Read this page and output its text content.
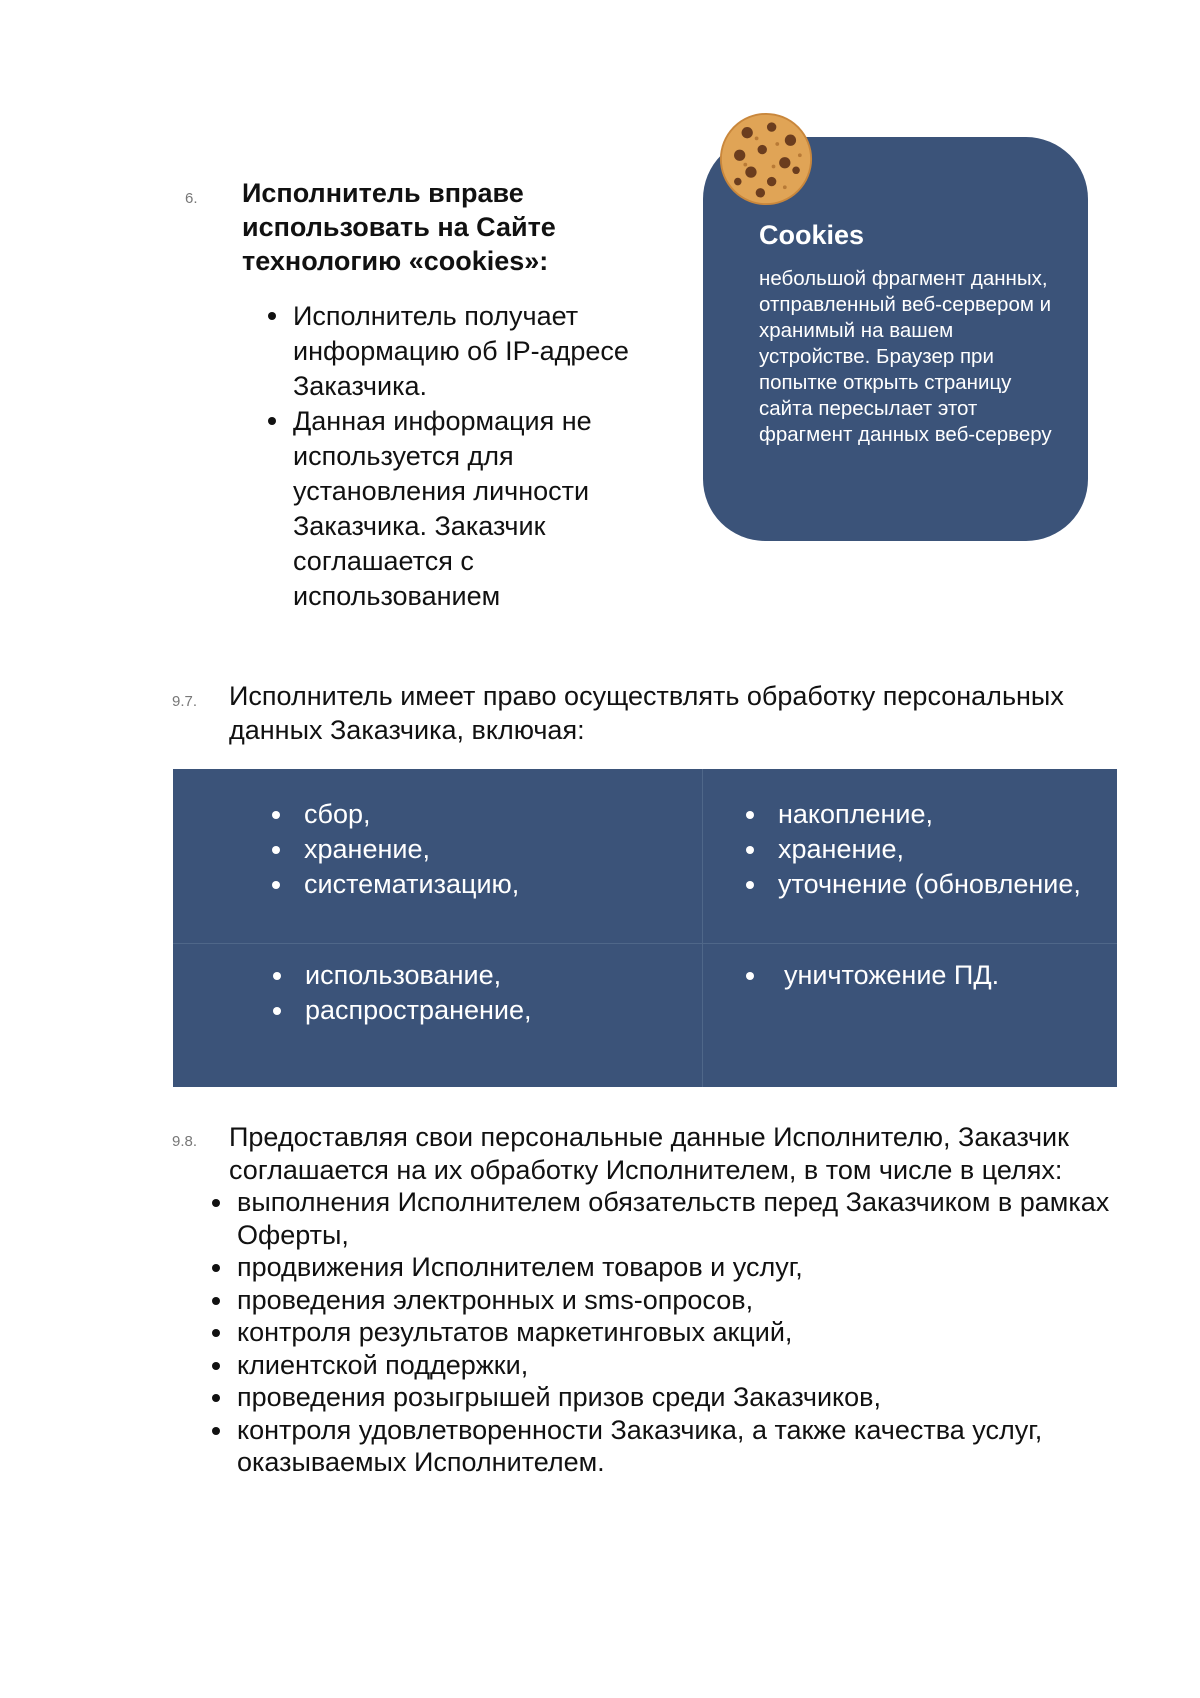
6. Исполнитель вправе использовать на Сайте технологию «cookies»:
Исполнитель получает информацию об IP-адресе Заказчика.
Данная информация не используется для установления личности Заказчика. Заказчик соглашается с использованием
Cookies
небольшой фрагмент данных, отправленный веб-сервером и хранимый на вашем устройстве. Браузер при попытке открыть страницу сайта пересылает этот фрагмент данных веб-серверу
9.7. Исполнитель имеет право осуществлять обработку персональных данных Заказчика, включая:
сбор,
хранение,
систематизацию,
накопление,
хранение,
уточнение (обновление,
использование,
распространение,
уничтожение ПД.
9.8. Предоставляя свои персональные данные Исполнителю, Заказчик соглашается на их обработку Исполнителем, в том числе в целях:
выполнения Исполнителем обязательств перед Заказчиком в рамках Оферты,
продвижения Исполнителем товаров и услуг,
проведения электронных и sms-опросов,
контроля результатов маркетинговых акций,
клиентской поддержки,
проведения розыгрышей призов среди Заказчиков,
контроля удовлетворенности Заказчика, а также качества услуг, оказываемых Исполнителем.
